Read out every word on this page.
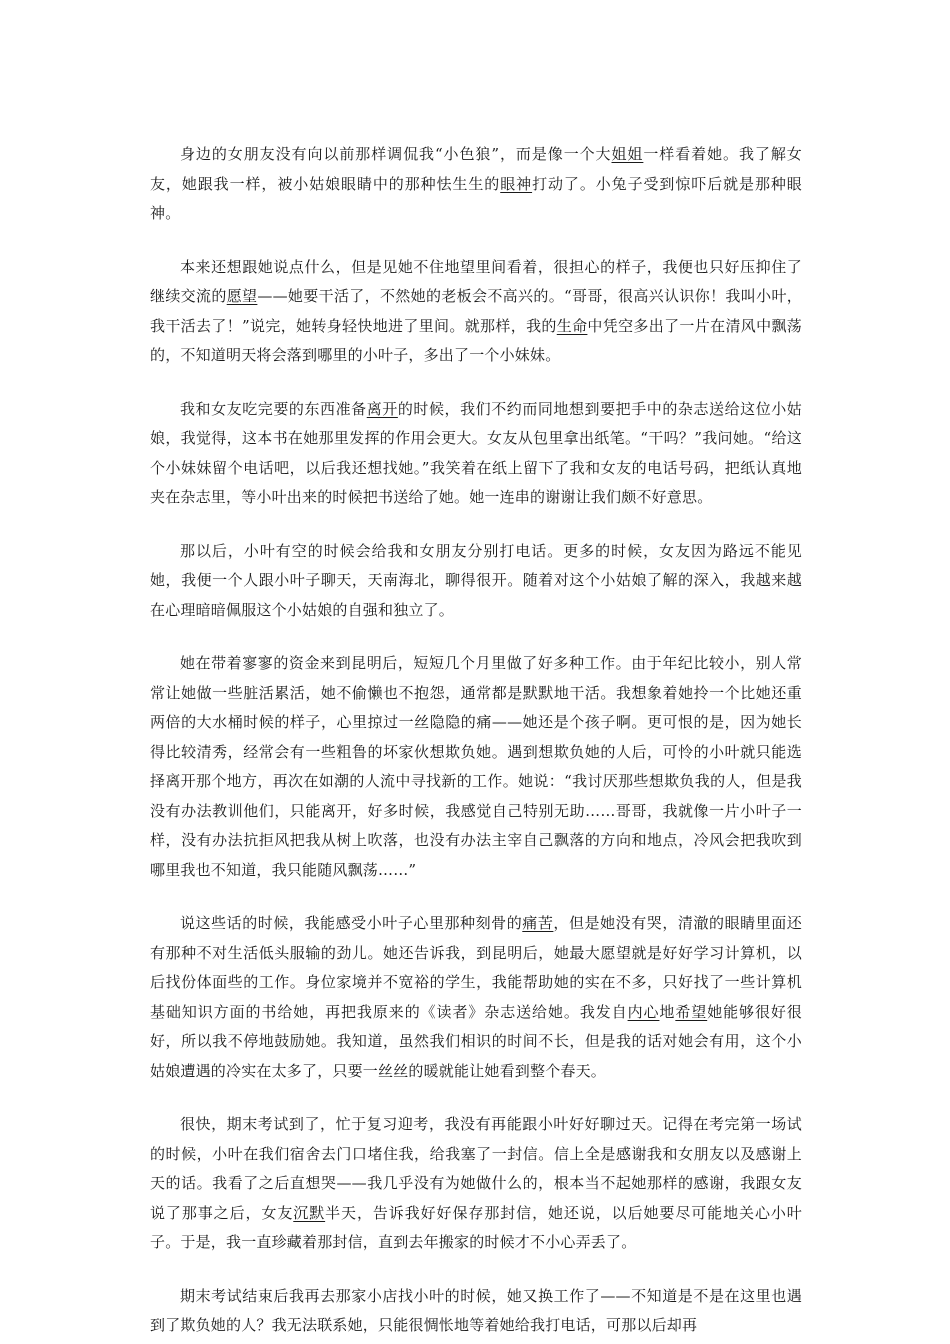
身边的女朋友没有向以前那样调侃我“小色狼”，而是像一个大姐姐一样看着她。我了解女友，她跟我一样，被小姑娘眼睛中的那种怯生生的眼神打动了。小兔子受到惊吓后就是那种眼神。

本来还想跟她说点什么，但是见她不住地望里间看着，很担心的样子，我便也只好压抑住了继续交流的愿望——她要干活了，不然她的老板会不高兴的。“哥哥，很高兴认识你！我叫小叶，我干活去了！”说完，她转身轻快地进了里间。就那样，我的生命中凭空多出了一片在清风中飘荡的，不知道明天将会落到哪里的小叶子，多出了一个小妹妹。

我和女友吃完要的东西准备离开的时候，我们不约而同地想到要把手中的杂志送给这位小姑娘，我觉得，这本书在她那里发挥的作用会更大。女友从包里拿出纸笔。“干吗？”我问她。“给这个小妹妹留个电话吧，以后我还想找她。”我笑着在纸上留下了我和女友的电话号码，把纸认真地夹在杂志里，等小叶出来的时候把书送给了她。她一连串的谢谢让我们颇不好意思。

那以后，小叶有空的时候会给我和女朋友分别打电话。更多的时候，女友因为路远不能见她，我便一个人跟小叶子聊天，天南海北，聊得很开。随着对这个小姑娘了解的深入，我越来越在心理暗暗佩服这个小姑娘的自强和独立了。

她在带着寥寥的资金来到昆明后，短短几个月里做了好多种工作。由于年纪比较小，别人常常让她做一些脏活累活，她不偷懒也不抱怨，通常都是默默地干活。我想象着她拎一个比她还重两倍的大水桶时候的样子，心里掠过一丝隐隐的痛——她还是个孩子啊。更可恨的是，因为她长得比较清秀，经常会有一些粗鲁的坏家伙想欺负她。遇到想欺负她的人后，可怜的小叶就只能选择离开那个地方，再次在如潮的人流中寻找新的工作。她说：“我讨厌那些想欺负我的人，但是我没有办法教训他们，只能离开，好多时候，我感觉自己特别无助……哥哥，我就像一片小叶子一样，没有办法抗拒风把我从树上吹落，也没有办法主宰自己飘落的方向和地点，冷风会把我吹到哪里我也不知道，我只能随风飘荡……”

说这些话的时候，我能感受小叶子心里那种刻骨的痛苦，但是她没有哭，清澈的眼睛里面还有那种不对生活低头服输的劲儿。她还告诉我，到昆明后，她最大愿望就是好好学习计算机，以后找份体面些的工作。身位家境并不宽裕的学生，我能帮助她的实在不多，只好找了一些计算机基础知识方面的书给她，再把我原来的《读者》杂志送给她。我发自内心地希望她能够很好很好，所以我不停地鼓励她。我知道，虽然我们相识的时间不长，但是我的话对她会有用，这个小姑娘遭遇的冷实在太多了，只要一丝丝的暖就能让她看到整个春天。

很快，期末考试到了，忙于复习迎考，我没有再能跟小叶好好聊过天。记得在考完第一场试的时候，小叶在我们宿舍去门口堵住我，给我塞了一封信。信上全是感谢我和女朋友以及感谢上天的话。我看了之后直想哭——我几乎没有为她做什么的，根本当不起她那样的感谢，我跟女友说了那事之后，女友沉默半天，告诉我好好保存那封信，她还说，以后她要尽可能地关心小叶子。于是，我一直珍藏着那封信，直到去年搬家的时候才不小心弄丢了。

期末考试结束后我再去那家小店找小叶的时候，她又换工作了——不知道是不是在这里也遇到了欺负她的人？我无法联系她，只能很惆怅地等着她给我打电话，可那以后却再
